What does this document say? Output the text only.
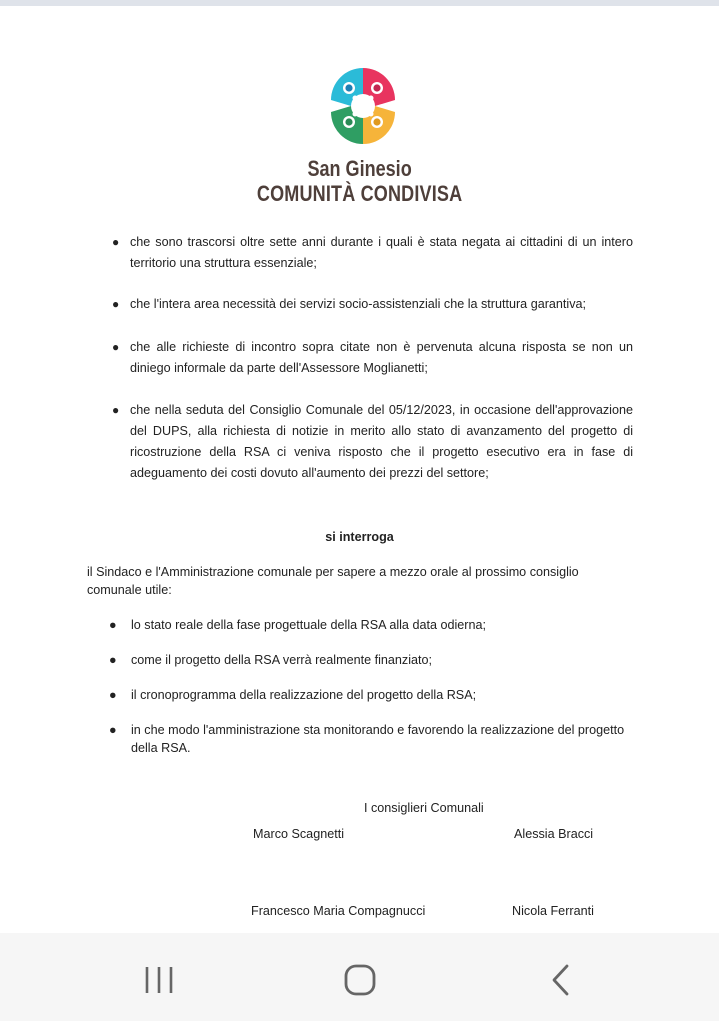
San Ginesio
COMUNITÀ CONDIVISA
● che sono trascorsi oltre sette anni durante i quali è stata negata ai cittadini di un intero territorio una struttura essenziale;
● che l'intera area necessità dei servizi socio-assistenziali che la struttura garantiva;
● che alle richieste di incontro sopra citate non è pervenuta alcuna risposta se non un diniego informale da parte dell'Assessore Moglianetti;
● che nella seduta del Consiglio Comunale del 05/12/2023, in occasione dell'approvazione del DUPS, alla richiesta di notizie in merito allo stato di avanzamento del progetto di ricostruzione della RSA ci veniva risposto che il progetto esecutivo era in fase di adeguamento dei costi dovuto all'aumento dei prezzi del settore;
si interroga
il Sindaco e l'Amministrazione comunale per sapere a mezzo orale al prossimo consiglio comunale utile:
● lo stato reale della fase progettuale della RSA alla data odierna;
● come il progetto della RSA verrà realmente finanziato;
● il cronoprogramma della realizzazione del progetto della RSA;
● in che modo l'amministrazione sta monitorando e favorendo la realizzazione del progetto della RSA.
I consiglieri Comunali
Marco Scagnetti	Alessia Bracci
Francesco Maria Compagnucci	Nicola Ferranti
